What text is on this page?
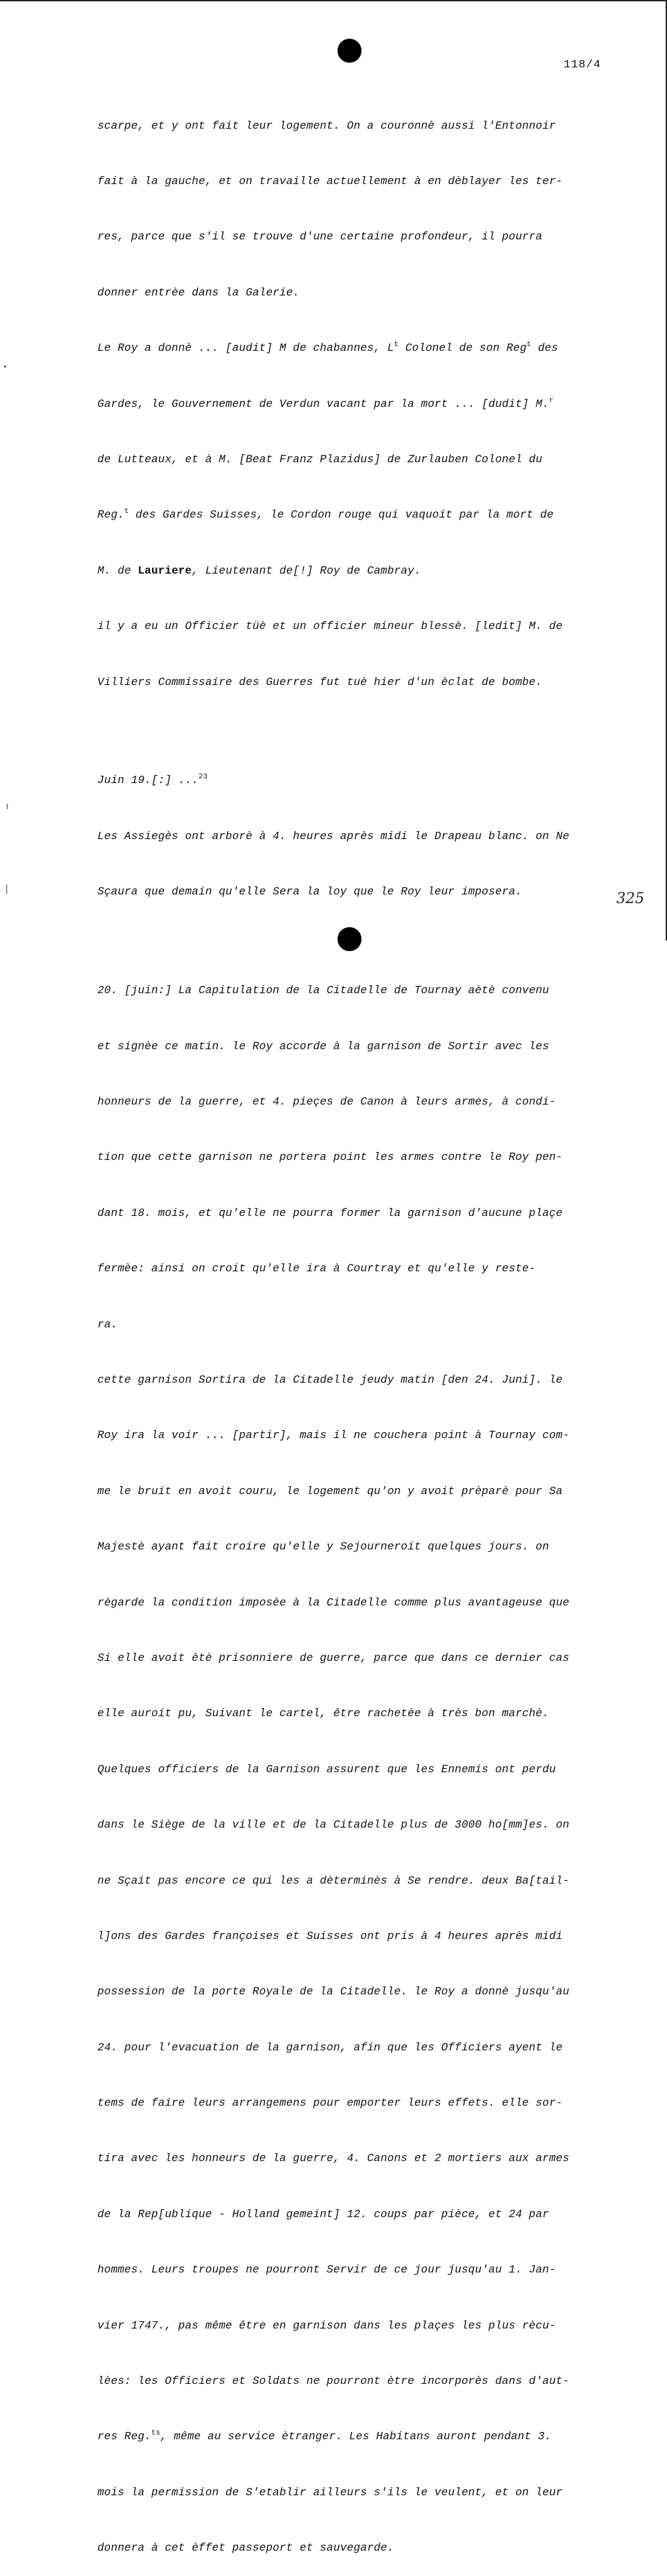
118/4

scarpe, et y ont fait leur logement. On a couronnè aussi l'Entonnoir

fait à la gauche, et on travaille actuellement à en dèblayer les ter-

res, parce que s'il se trouve d'une certaine profondeur, il pourra

donner entrèe dans la Galerie.

Le Roy a donnè ... [audit] M de chabannes, $L^t$ Colonel de son Reg$^t$ des

Gardes, le Gouvernement de Verdun vacant par la mort ... [dudit] M.$^r$

de Lutteaux, et à M. [Beat Franz Plazidus] de Zurlauben Colonel du

Reg.$^t$ des Gardes Suisses, le Cordon rouge qui vaquoit par la mort de

M. de Lauriere, Lieutenant de[!] Roy de Cambray.

il y a eu un Officier tüè et un officier mineur blessè. [ledit] M. de

Villiers Commissaire des Guerres fut tuè hier d'un èclat de bombe.

Juin 19.[:] ...$^{23}$

Les Assiegès ont arborè à 4. heures après midi le Drapeau blanc. on Ne

Sçaura que demain qu'elle Sera la loy que le Roy leur imposera.

20. [juin:] La Capitulation de la Citadelle de Tournay aètè convenu

et signèe ce matin. le Roy accorde à la garnison de Sortir avec les

honneurs de la guerre, et 4. pieçes de Canon à leurs armes, à condi-

tion que cette garnison ne portera point les armes contre le Roy pen-

dant 18. mois, et qu'elle ne pourra former la garnison d'aucune plaçe

fermèe: ainsi on croit qu'elle ira à Courtray et qu'elle y reste-

ra.

cette garnison Sortira de la Citadelle jeudy matin [den 24. Juni]. le

Roy ira la voir ... [partir], mais il ne couchera point à Tournay com-

me le bruit en avoit couru, le logement qu'on y avoit prèparè pour Sa

Majestè ayant fait croire qu'elle y Sejourneroit quelques jours. on

règarde la condition imposèe à la Citadelle comme plus avantageuse que

Si elle avoit ètè prisonniere de guerre, parce que dans ce dernier cas

elle auroit pu, Suivant le cartel, être rachetèe à très bon marchè.

Quelques officiers de la Garnison assurent que les Ennemis ont perdu

dans le Siège de la ville et de la Citadelle plus de 3000 ho[mm]es. on

ne Sçait pas encore ce qui les a dèterminès à Se rendre. deux Ba[tail-

l]ons des Gardes françoises et Suisses ont pris à 4 heures après midi

possession de la porte Royale de la Citadelle. le Roy a donnè jusqu'au

24. pour l'evacuation de la garnison, afin que les Officiers ayent le

tems de faire leurs arrangemens pour emporter leurs effets. elle sor-

tira avec les honneurs de la guerre, 4. Canons et 2 mortiers aux armes

de la Rep[ublique - Holland gemeint] 12. coups par pièce, et 24 par

hommes. Leurs troupes ne pourront Servir de ce jour jusqu'au 1. Jan-

vier 1747., pas même être en garnison dans les plaçes les plus rècu-

lèes: les Officiers et Soldats ne pourront ètre incorporès dans d'aut-

res Reg.$^{ts}$, même au service ètranger. Les Habitans auront pendant 3.

mois la permission de S'etablir ailleurs s'ils le veulent, et on leur

donnera à cet èffet passeport et sauvegarde.

325
